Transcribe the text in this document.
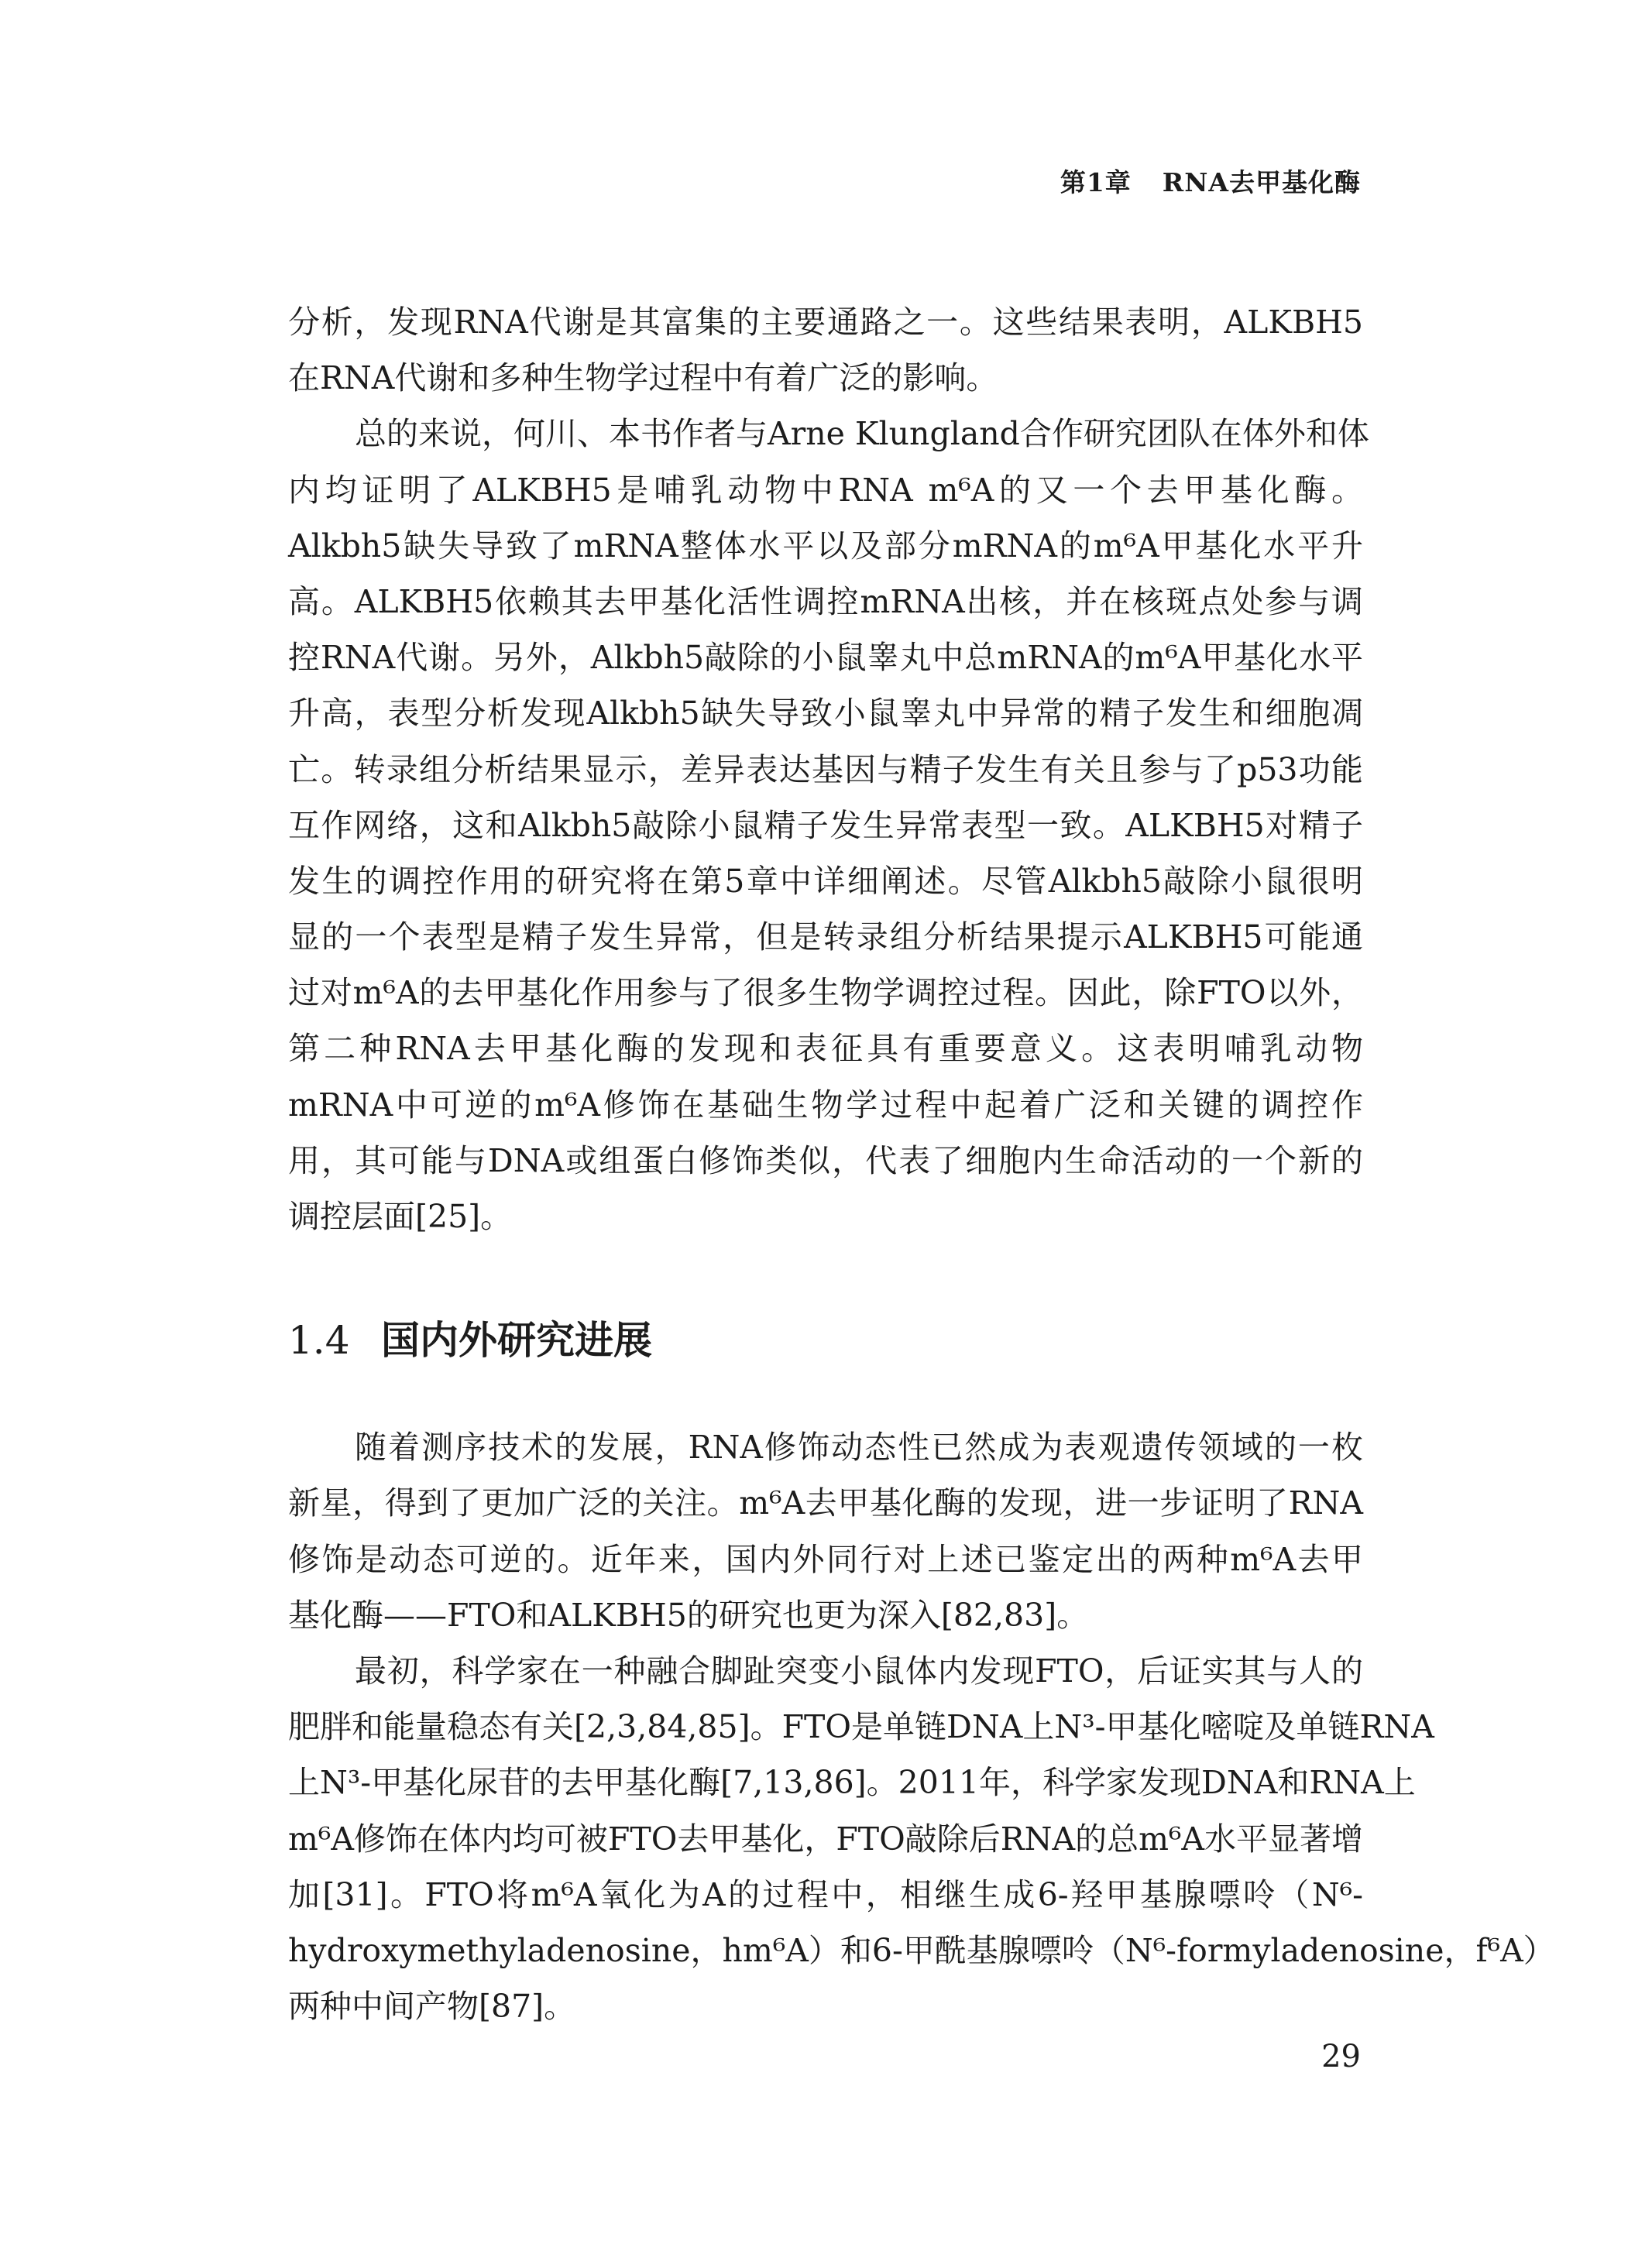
第1章 RNA去甲基化酶
分析，发现RNA代谢是其富集的主要通路之一。这些结果表明，ALKBH5
在RNA代谢和多种生物学过程中有着广泛的影响。
总的来说，何川、本书作者与Arne Klungland合作研究团队在体外和体
内均证明了ALKBH5是哺乳动物中RNA m⁶A的又一个去甲基化酶。
Alkbh5缺失导致了mRNA整体水平以及部分mRNA的m⁶A甲基化水平升
高。ALKBH5依赖其去甲基化活性调控mRNA出核，并在核斑点处参与调
控RNA代谢。另外，Alkbh5敲除的小鼠睾丸中总mRNA的m⁶A甲基化水平
升高，表型分析发现Alkbh5缺失导致小鼠睾丸中异常的精子发生和细胞凋
亡。转录组分析结果显示，差异表达基因与精子发生有关且参与了p53功能
互作网络，这和Alkbh5敲除小鼠精子发生异常表型一致。ALKBH5对精子
发生的调控作用的研究将在第5章中详细阐述。尽管Alkbh5敲除小鼠很明
显的一个表型是精子发生异常，但是转录组分析结果提示ALKBH5可能通
过对m⁶A的去甲基化作用参与了很多生物学调控过程。因此，除FTO以外，
第二种RNA去甲基化酶的发现和表征具有重要意义。这表明哺乳动物
mRNA中可逆的m⁶A修饰在基础生物学过程中起着广泛和关键的调控作
用，其可能与DNA或组蛋白修饰类似，代表了细胞内生命活动的一个新的
调控层面[25]。
1.4 国内外研究进展
随着测序技术的发展，RNA修饰动态性已然成为表观遗传领域的一枚
新星，得到了更加广泛的关注。m⁶A去甲基化酶的发现，进一步证明了RNA
修饰是动态可逆的。近年来，国内外同行对上述已鉴定出的两种m⁶A去甲
基化酶——FTO和ALKBH5的研究也更为深入[82,83]。
最初，科学家在一种融合脚趾突变小鼠体内发现FTO，后证实其与人的
肥胖和能量稳态有关[2,3,84,85]。FTO是单链DNA上N³-甲基化嘧啶及单链RNA
上N³-甲基化尿苷的去甲基化酶[7,13,86]。2011年，科学家发现DNA和RNA上
m⁶A修饰在体内均可被FTO去甲基化，FTO敲除后RNA的总m⁶A水平显著增
加[31]。FTO将m⁶A氧化为A的过程中，相继生成6-羟甲基腺嘌呤（N⁶-
hydroxymethyladenosine，hm⁶A）和6-甲酰基腺嘌呤（N⁶-formyladenosine，f⁶A）
两种中间产物[87]。
29
